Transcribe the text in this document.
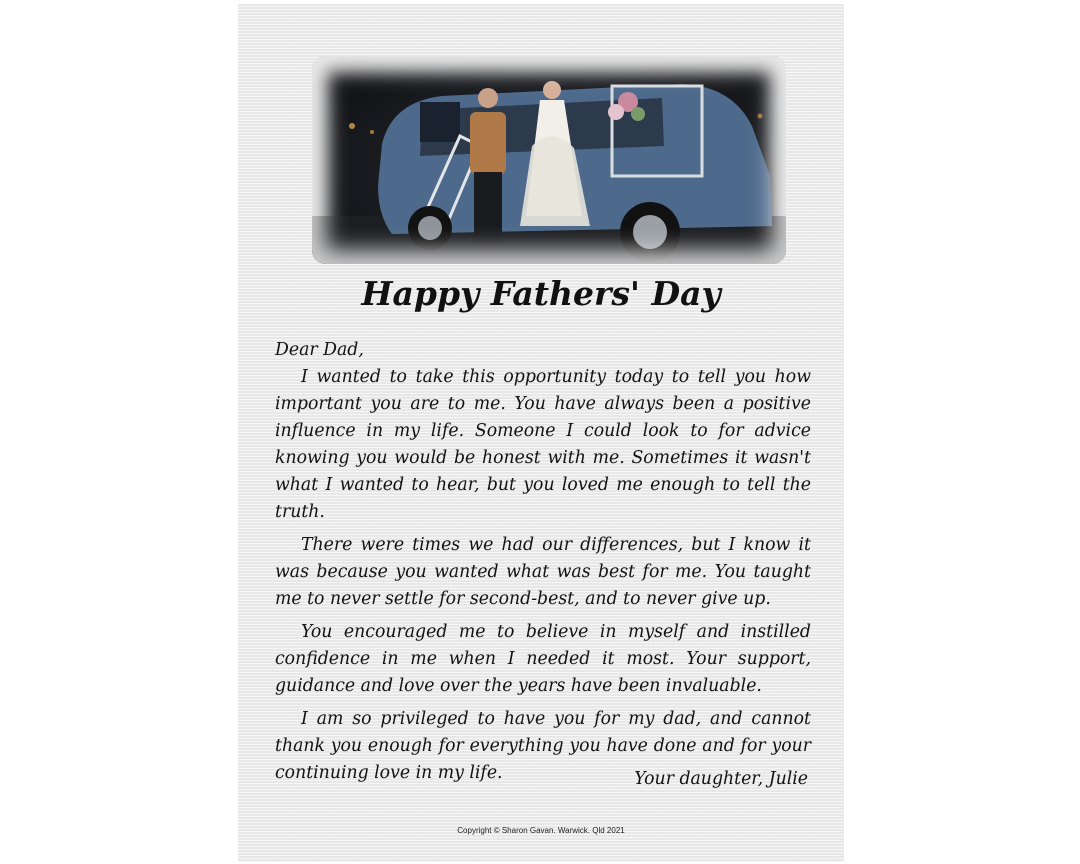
Happy Fathers' Day

Dear Dad,

I wanted to take this opportunity today to tell you how important you are to me. You have always been a positive influence in my life. Someone I could look to for advice knowing you would be honest with me. Sometimes it wasn't what I wanted to hear, but you loved me enough to tell the truth.

There were times we had our differences, but I know it was because you wanted what was best for me. You taught me to never settle for second-best, and to never give up.

You encouraged me to believe in myself and instilled confidence in me when I needed it most. Your support, guidance and love over the years have been invaluable.

I am so privileged to have you for my dad, and cannot thank you enough for everything you have done and for your continuing love in my life.	Your daughter, Julie
Copyright © Sharon Gavan. Warwick. Qld 2021
